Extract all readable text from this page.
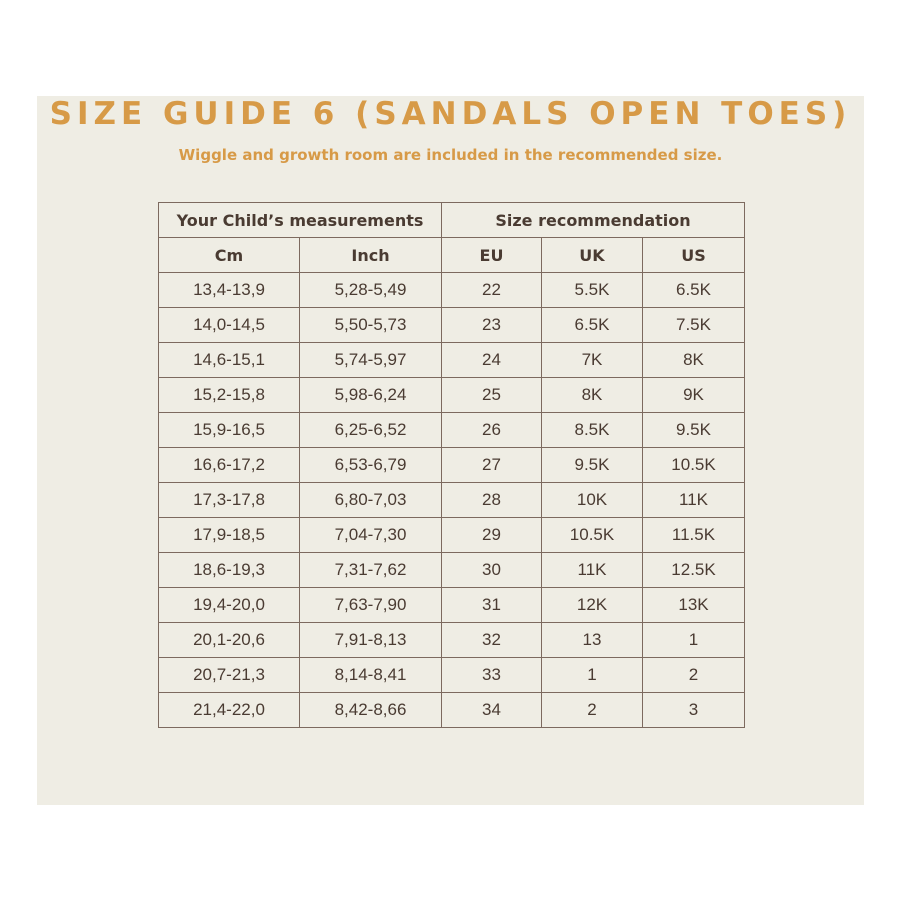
SIZE GUIDE 6 (SANDALS OPEN TOES)
Wiggle and growth room are included in the recommended size.
Your Child’s measurements		Size recommendation		
Cm	Inch	EU	UK	US
13,4-13,9	5,28-5,49	22	5.5K	6.5K
14,0-14,5	5,50-5,73	23	6.5K	7.5K
14,6-15,1	5,74-5,97	24	7K	8K
15,2-15,8	5,98-6,24	25	8K	9K
15,9-16,5	6,25-6,52	26	8.5K	9.5K
16,6-17,2	6,53-6,79	27	9.5K	10.5K
17,3-17,8	6,80-7,03	28	10K	11K
17,9-18,5	7,04-7,30	29	10.5K	11.5K
18,6-19,3	7,31-7,62	30	11K	12.5K
19,4-20,0	7,63-7,90	31	12K	13K
20,1-20,6	7,91-8,13	32	13	1
20,7-21,3	8,14-8,41	33	1	2
21,4-22,0	8,42-8,66	34	2	3
